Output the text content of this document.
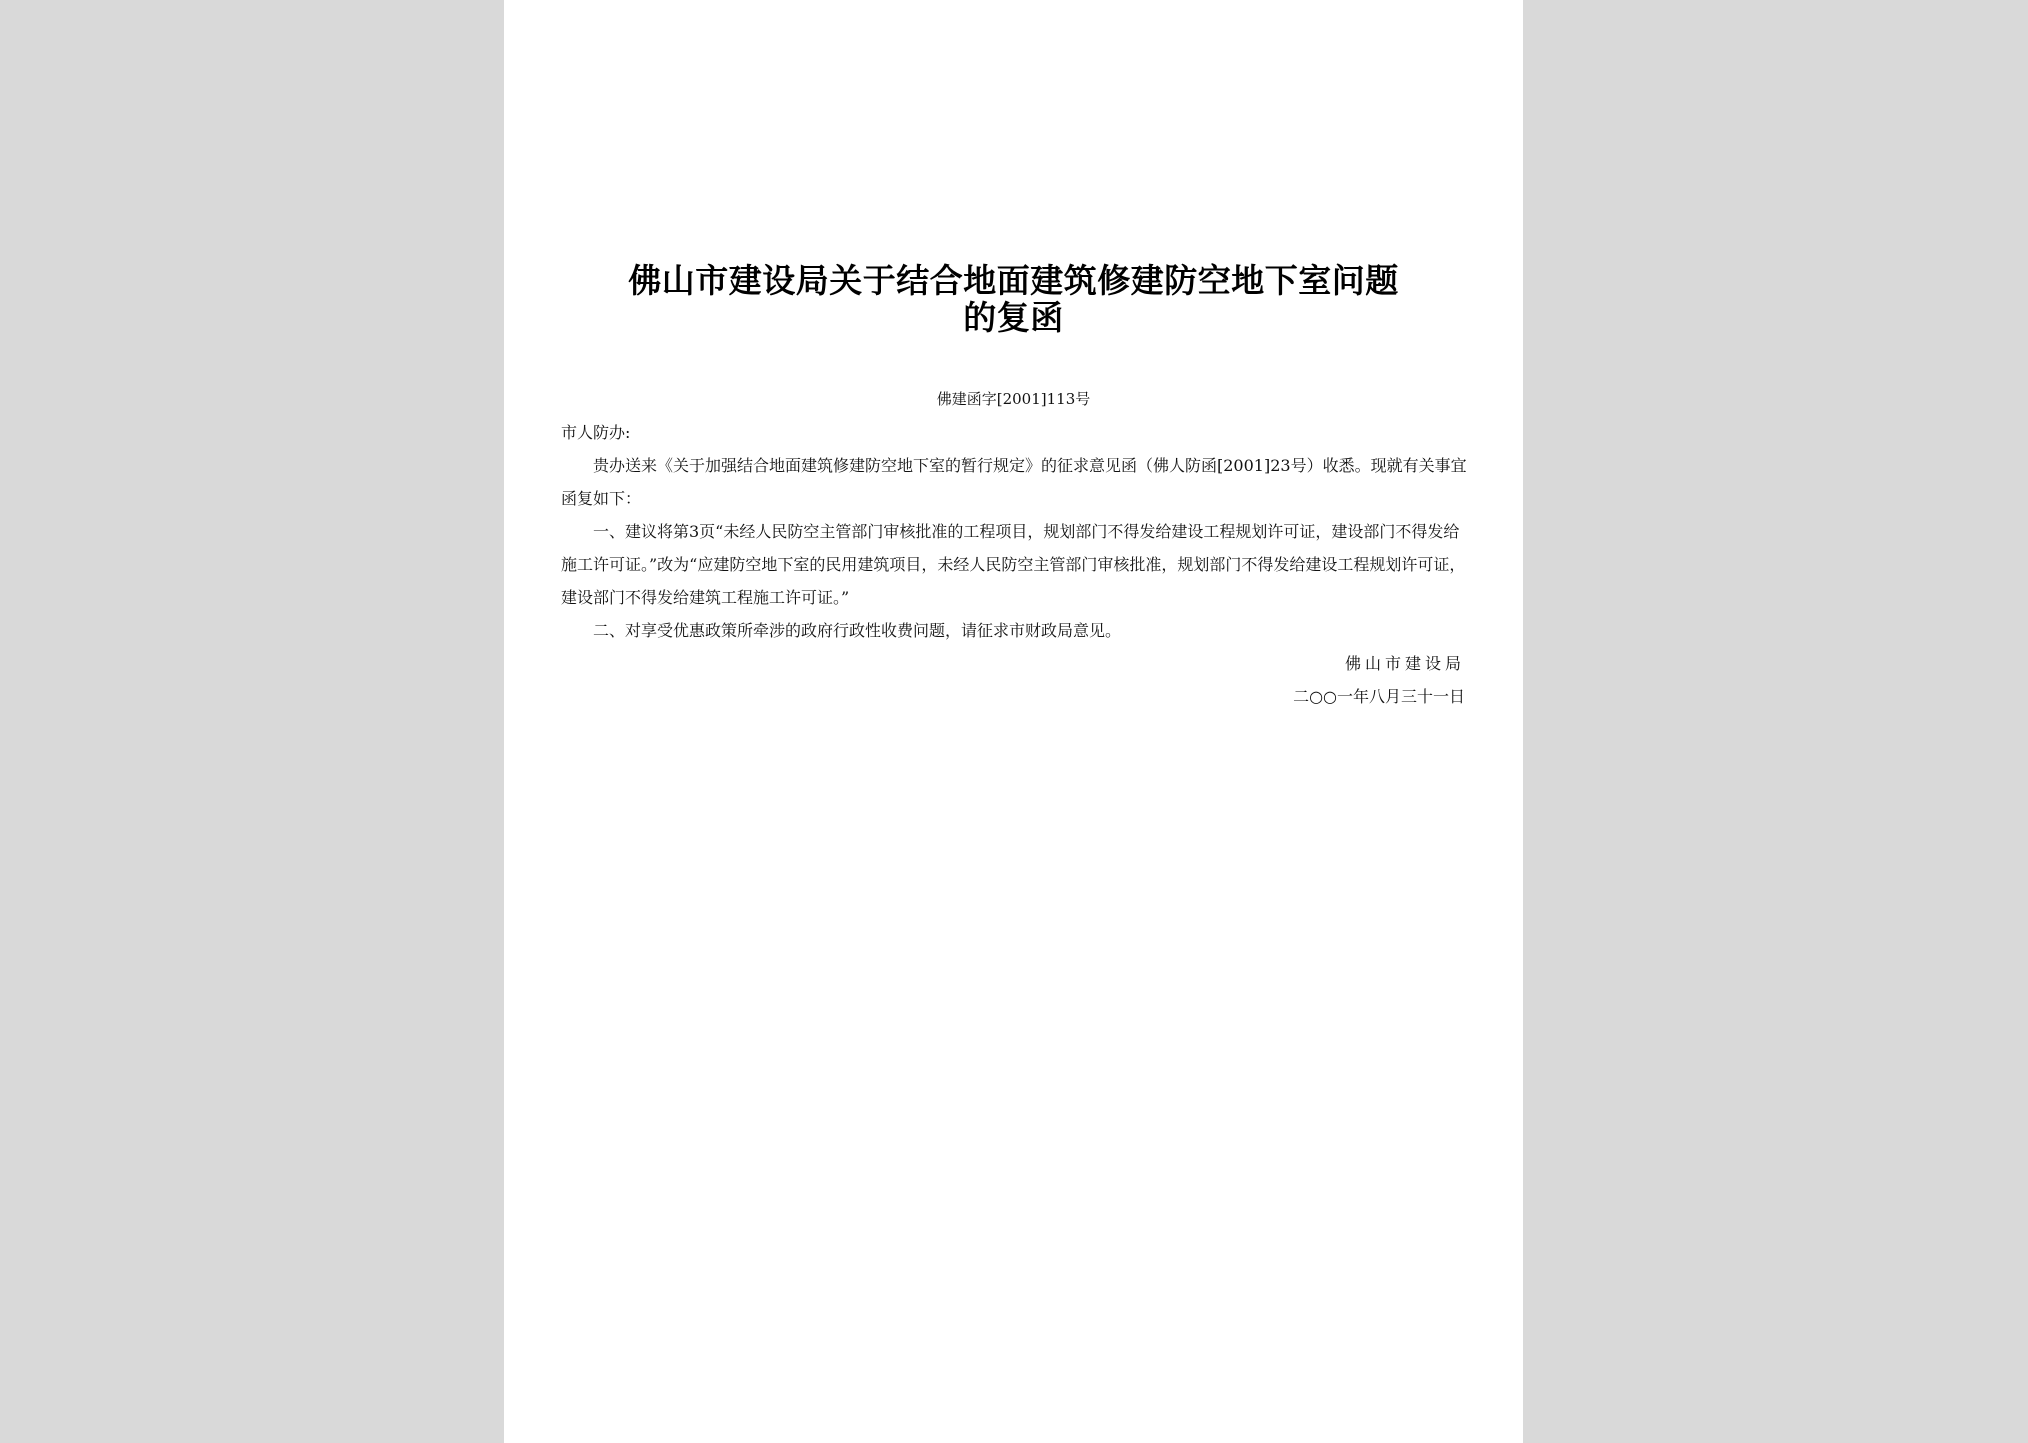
佛山市建设局关于结合地面建筑修建防空地下室问题
的复函
佛建函字[2001]113号
市人防办:

贵办送来《关于加强结合地面建筑修建防空地下室的暂行规定》的征求意见函（佛人防函[2001]23号）收悉。现就有关事宜函复如下：

一、建议将第3页“未经人民防空主管部门审核批准的工程项目，规划部门不得发给建设工程规划许可证，建设部门不得发给施工许可证。”改为“应建防空地下室的民用建筑项目，未经人民防空主管部门审核批准，规划部门不得发给建设工程规划许可证，建设部门不得发给建筑工程施工许可证。”

二、对享受优惠政策所牵涉的政府行政性收费问题，请征求市财政局意见。

佛山市建设局
二○○一年八月三十一日
